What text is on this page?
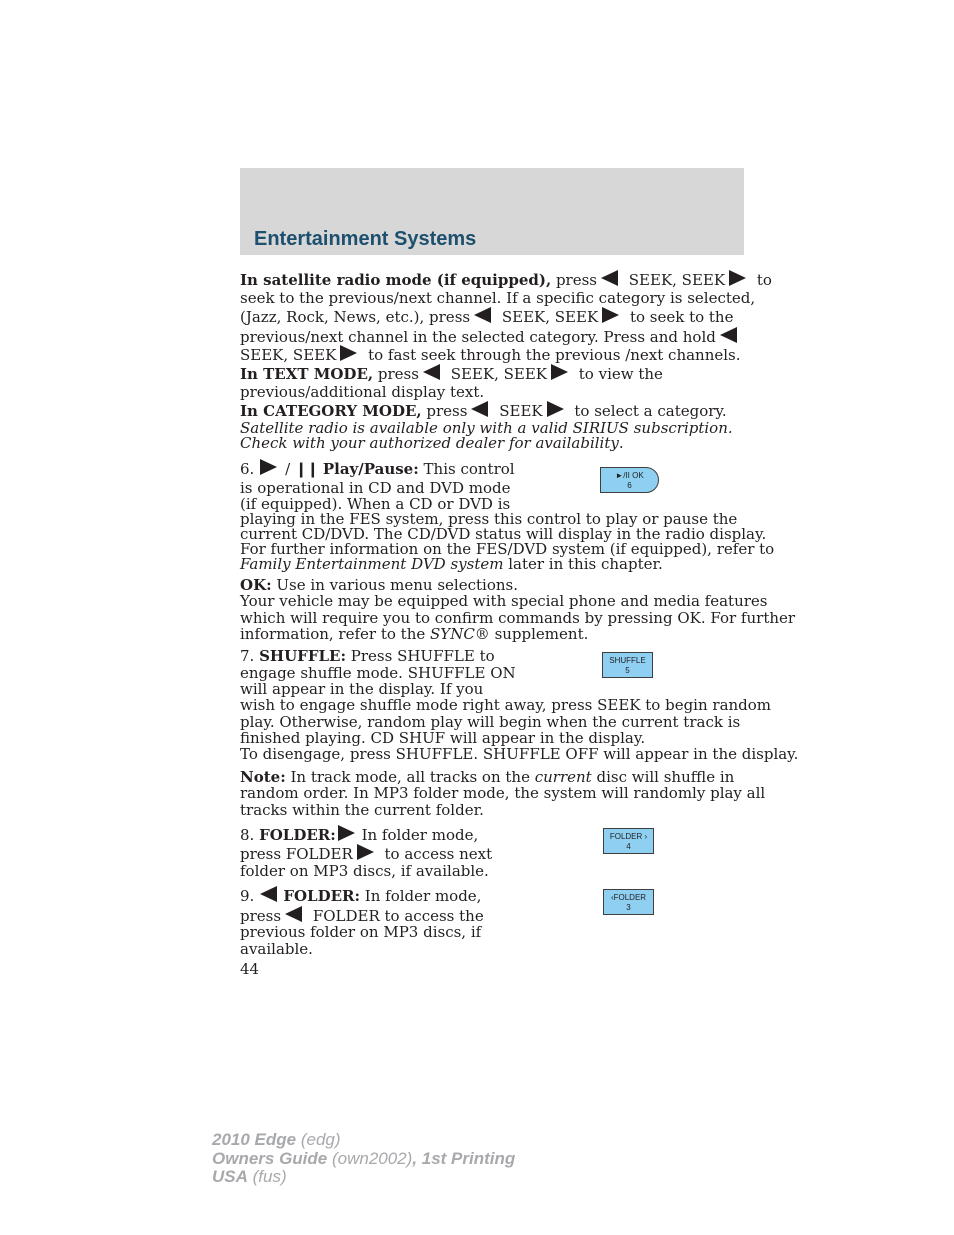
Entertainment Systems
In satellite radio mode (if equipped), press SEEK, SEEK to
seek to the previous/next channel. If a specific category is selected,
(Jazz, Rock, News, etc.), press SEEK, SEEK to seek to the
previous/next channel in the selected category. Press and hold
SEEK, SEEK to fast seek through the previous /next channels.
In TEXT MODE, press SEEK, SEEK to view the
previous/additional display text.
In CATEGORY MODE, press SEEK to select a category.
Satellite radio is available only with a valid SIRIUS subscription.
Check with your authorized dealer for availability.
6. / ❙❙ Play/Pause: This control
is operational in CD and DVD mode
(if equipped). When a CD or DVD is
playing in the FES system, press this control to play or pause the
current CD/DVD. The CD/DVD status will display in the radio display.
For further information on the FES/DVD system (if equipped), refer to
Family Entertainment DVD system later in this chapter.
►/II OK
6
OK: Use in various menu selections.
Your vehicle may be equipped with special phone and media features
which will require you to confirm commands by pressing OK. For further
information, refer to the SYNC® supplement.
7. SHUFFLE: Press SHUFFLE to
engage shuffle mode. SHUFFLE ON
will appear in the display. If you
wish to engage shuffle mode right away, press SEEK to begin random
play. Otherwise, random play will begin when the current track is
finished playing. CD SHUF will appear in the display.
To disengage, press SHUFFLE. SHUFFLE OFF will appear in the display.
SHUFFLE
5
Note: In track mode, all tracks on the current disc will shuffle in
random order. In MP3 folder mode, the system will randomly play all
tracks within the current folder.
8. FOLDER: In folder mode,
press FOLDER to access next
folder on MP3 discs, if available.
FOLDER ›
4
9. FOLDER: In folder mode,
press FOLDER to access the
previous folder on MP3 discs, if
available.
‹FOLDER
3
44
2010 Edge (edg)
Owners Guide (own2002), 1st Printing
USA (fus)
